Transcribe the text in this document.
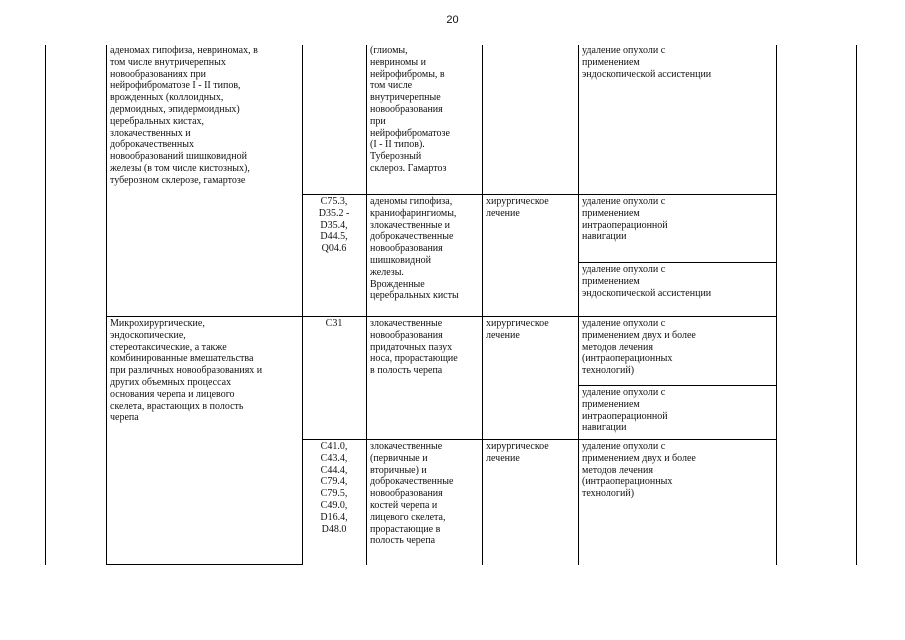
20
аденомах гипофиза, невриномах, в
том числе внутричерепных
новообразованиях при
нейрофиброматозе I - II типов,
врожденных (коллоидных,
дермоидных, эпидермоидных)
церебральных кистах,
злокачественных и
доброкачественных
новообразований шишковидной
железы (в том числе кистозных),
туберозном склерозе, гамартозе
(глиомы,
невриномы и
нейрофибромы, в
том числе
внутричерепные
новообразования
при
нейрофиброматозе
(I - II типов).
Туберозный
склероз. Гамартоз
удаление опухоли с
применением
эндоскопической ассистенции
C75.3,
D35.2 -
D35.4,
D44.5,
Q04.6
аденомы гипофиза,
краниофарингиомы,
злокачественные и
доброкачественные
новообразования
шишковидной
железы.
Врожденные
церебральных кисты
хирургическое
лечение
удаление опухоли с
применением
интраоперационной
навигации
удаление опухоли с
применением
эндоскопической ассистенции
Микрохирургические,
эндоскопические,
стереотаксические, а также
комбинированные вмешательства
при различных новообразованиях и
других объемных процессах
основания черепа и лицевого
скелета, врастающих в полость
черепа
C31	злокачественные
новообразования
придаточных пазух
носа, прорастающие
в полость черепа
хирургическое
лечение
удаление опухоли с
применением двух и более
методов лечения
(интраоперационных
технологий)
удаление опухоли с
применением
интраоперационной
навигации
C41.0,
C43.4,
C44.4,
C79.4,
C79.5,
C49.0,
D16.4,
D48.0
злокачественные
(первичные и
вторичные) и
доброкачественные
новообразования
костей черепа и
лицевого скелета,
прорастающие в
полость черепа
хирургическое
лечение
удаление опухоли с
применением двух и более
методов лечения
(интраоперационных
технологий)
